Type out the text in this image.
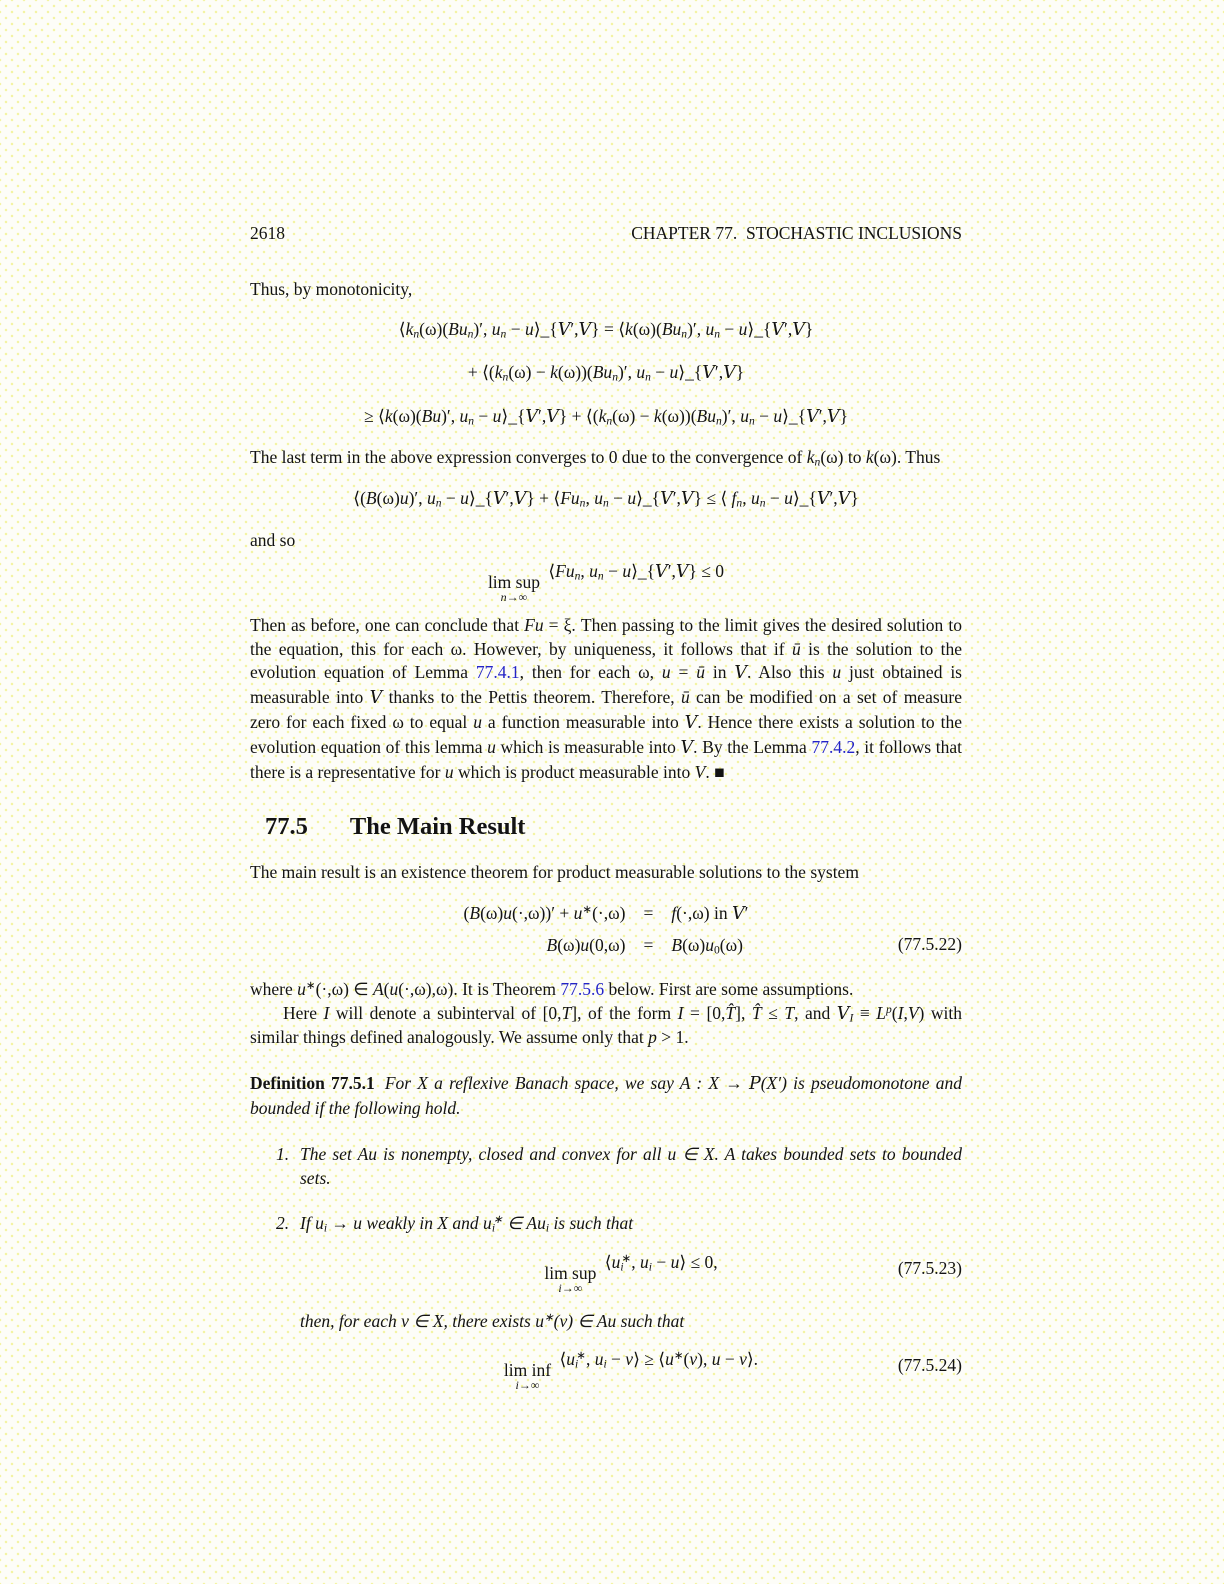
2618	CHAPTER 77.  STOCHASTIC INCLUSIONS

Thus, by monotonicity,

$⟨k_n(\omega)(Bu_n)'$, $u_n$ − u⟩_{V′,V} = $⟨k(\omega)(Bu_n)'$, $u_n$ − u⟩_{V′,V}
+ $⟨(k_n(\omega) - k(\omega))(Bu_n)'$, $u_n$ − u⟩_{V′,V}
≥ ⟨k(ω)(Bu)′, $u_n$ − u⟩_{V′,V} + $⟨(k_n(\omega) - k(\omega))(Bu_n)'$, $u_n$ − u⟩_{V′,V}

The last term in the above expression converges to 0 due to the convergence of $k_n(\omega)$ to k(ω). Thus

⟨(B(ω)u)′, $u_n$ − u⟩_{V′,V} + $⟨Fu_n$, $u_n$ − u⟩_{V′,V} ≤ ⟨ $f_n$, $u_n$ − u⟩_{V′,V}

and so

lim sup
n→∞
$⟨Fu_n$, $u_n$ − u⟩_{V′,V} ≤ 0

Then as before, one can conclude that Fu = ξ. Then passing to the limit gives the desired solution to the equation, this for each ω. However, by uniqueness, it follows that if ū is the solution to the evolution equation of Lemma 77.4.1, then for each ω, u = ū in V. Also this u just obtained is measurable into V thanks to the Pettis theorem. Therefore, ū can be modified on a set of measure zero for each fixed ω to equal u a function measurable into V. Hence there exists a solution to the evolution equation of this lemma u which is measurable into V. By the Lemma 77.4.2, it follows that there is a representative for u which is product measurable into V. ■

77.5 The Main Result

The main result is an existence theorem for product measurable solutions to the system

(B(ω)u(·,ω))′ + u∗(·,ω) = f(·,ω) in V′
$B(\omega)u(0,\omega) = B(\omega)u_0(\omega)$	(77.5.22)

where u∗(·,ω) ∈ A(u(·,ω),ω). It is Theorem 77.5.6 below. First are some assumptions.

Here I will denote a subinterval of [0,T], of the form I = [0,T̂], T̂ ≤ T, and $V_I \equiv L^p(I,V)$ with similar things defined analogously. We assume only that p > 1.

Definition 77.5.1 For X a reflexive Banach space, we say A : X → P(X′) is pseudomonotone and bounded if the following hold.

1. The set Au is nonempty, closed and convex for all u ∈ X. A takes bounded sets to bounded sets.
2. If $u_i \to u$ weakly in X and $u_i^∗$ ∈ $Au_i$ is such that
lim sup
i→∞
$⟨u_i^∗$, $u_i$ − u⟩ ≤ 0,	(77.5.23)
then, for each v ∈ X, there exists u∗(v) ∈ Au such that
lim inf
i→∞
$⟨u_i^∗$, $u_i$ − v⟩ ≥ ⟨u∗(v), u − v⟩.	(77.5.24)
